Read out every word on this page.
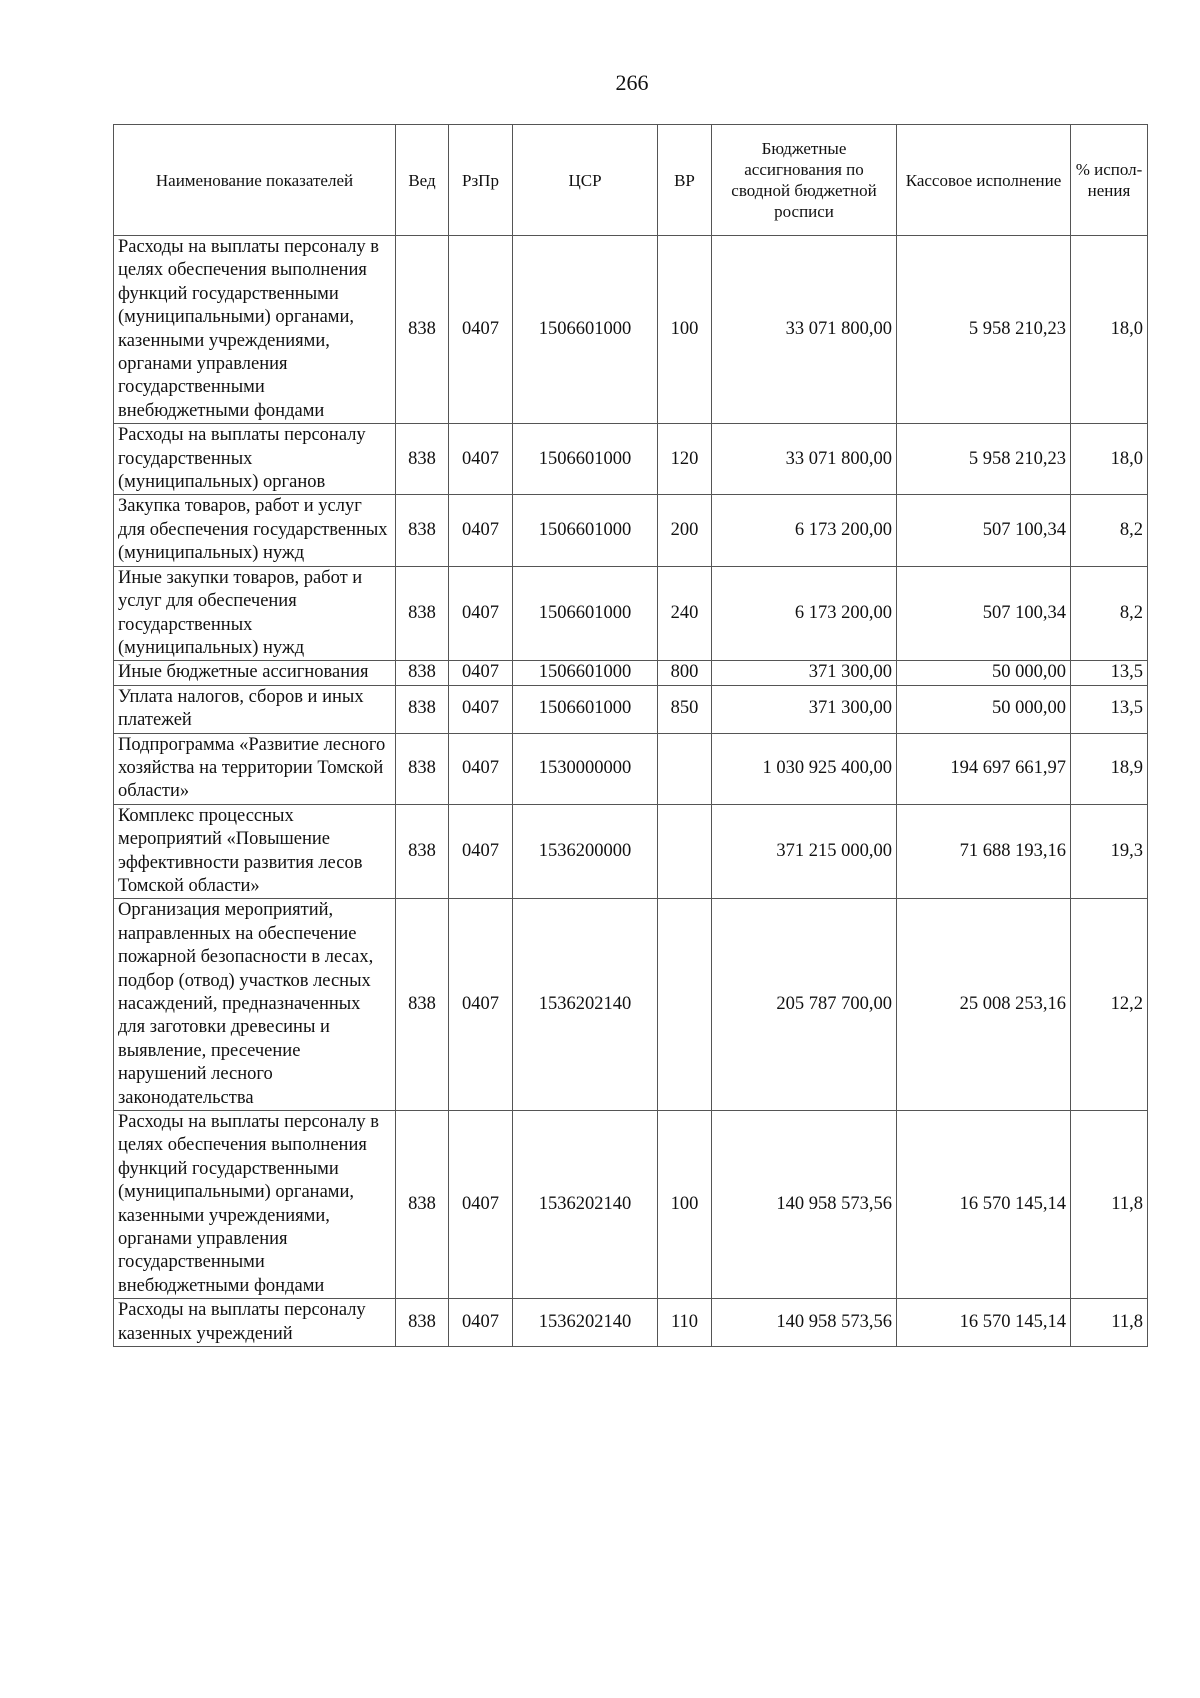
266
Наименование показателей	Вед	РзПр	ЦСР	ВР	Бюджетные ассигнования по сводной бюджетной росписи	Кассовое исполнение	% испол-нения
Расходы на выплаты персоналу в целях обеспечения выполнения функций государственными (муниципальными) органами, казенными учреждениями, органами управления государственными внебюджетными фондами	838	0407	1506601000	100	33 071 800,00	5 958 210,23	18,0
Расходы на выплаты персоналу государственных (муниципальных) органов	838	0407	1506601000	120	33 071 800,00	5 958 210,23	18,0
Закупка товаров, работ и услуг для обеспечения государственных (муниципальных) нужд	838	0407	1506601000	200	6 173 200,00	507 100,34	8,2
Иные закупки товаров, работ и услуг для обеспечения государственных (муниципальных) нужд	838	0407	1506601000	240	6 173 200,00	507 100,34	8,2
Иные бюджетные ассигнования	838	0407	1506601000	800	371 300,00	50 000,00	13,5
Уплата налогов, сборов и иных платежей	838	0407	1506601000	850	371 300,00	50 000,00	13,5
Подпрограмма «Развитие лесного хозяйства на территории Томской области»	838	0407	1530000000		1 030 925 400,00	194 697 661,97	18,9
Комплекс процессных мероприятий «Повышение эффективности развития лесов Томской области»	838	0407	1536200000		371 215 000,00	71 688 193,16	19,3
Организация мероприятий, направленных на обеспечение пожарной безопасности в лесах, подбор (отвод) участков лесных насаждений, предназначенных для заготовки древесины и выявление, пресечение нарушений лесного законодательства	838	0407	1536202140		205 787 700,00	25 008 253,16	12,2
Расходы на выплаты персоналу в целях обеспечения выполнения функций государственными (муниципальными) органами, казенными учреждениями, органами управления государственными внебюджетными фондами	838	0407	1536202140	100	140 958 573,56	16 570 145,14	11,8
Расходы на выплаты персоналу казенных учреждений	838	0407	1536202140	110	140 958 573,56	16 570 145,14	11,8
